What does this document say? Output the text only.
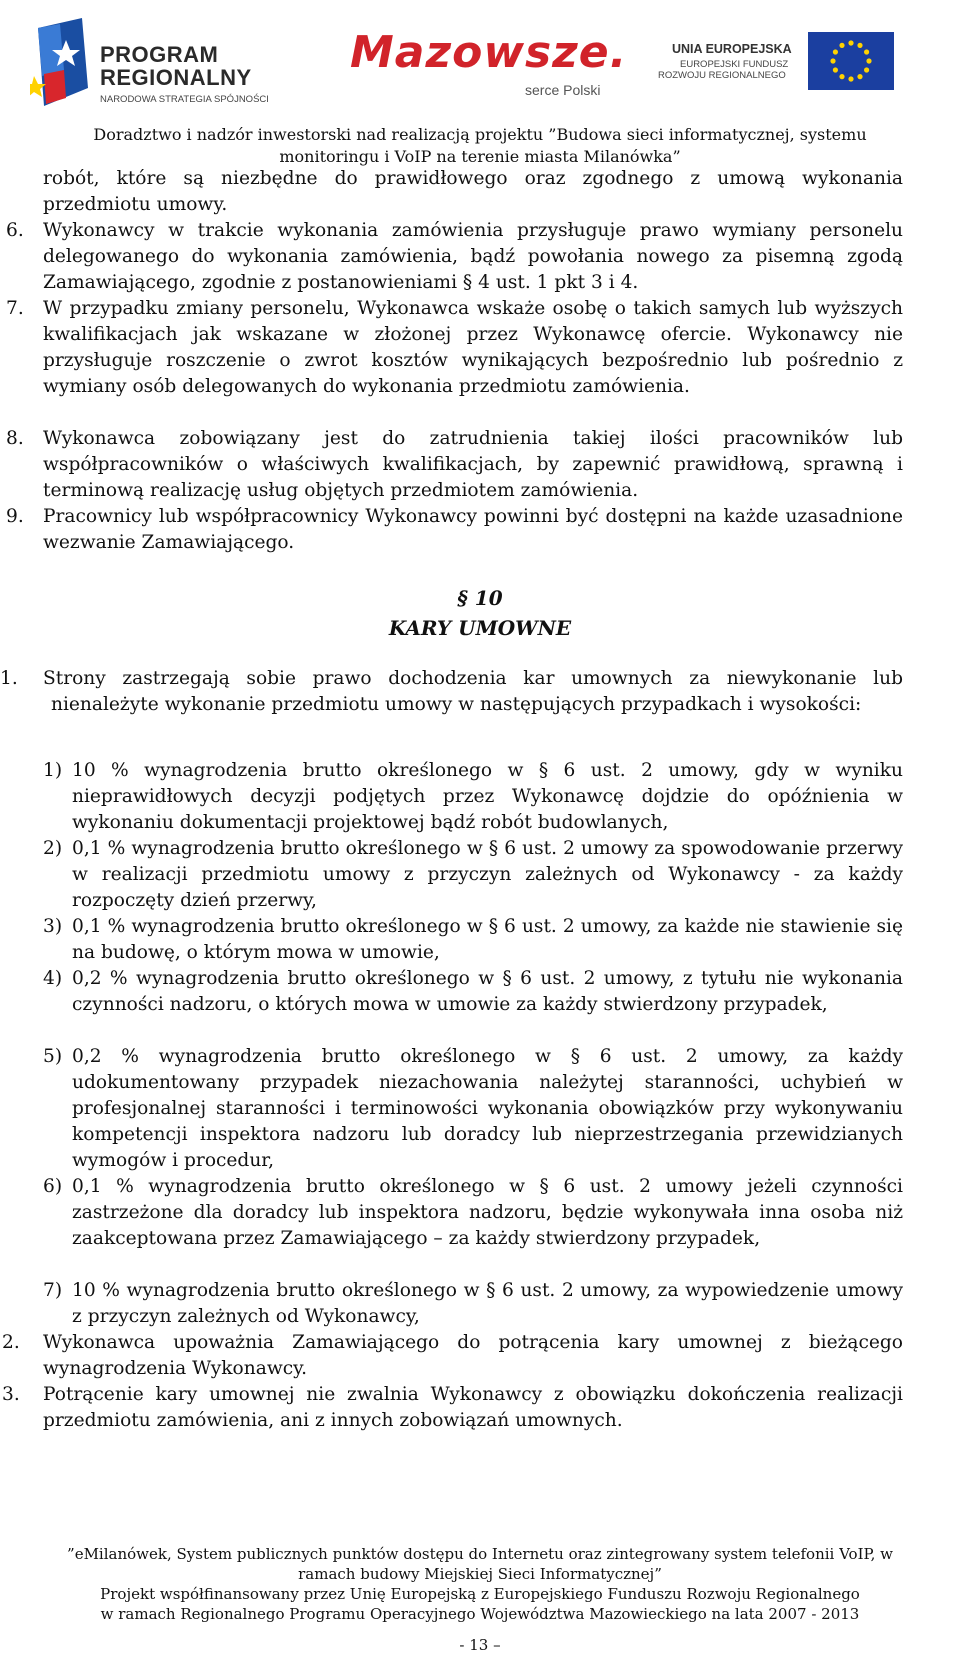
PROGRAM
REGIONALNY
NARODOWA STRATEGIA SPÓJNOŚCI
Mazowsze.
serce Polski
UNIA EUROPEJSKA
EUROPEJSKI FUNDUSZ
ROZWOJU REGIONALNEGO
Doradztwo i nadzór inwestorski nad realizacją projektu ”Budowa sieci informatycznej, systemu
monitoringu i VoIP na terenie miasta Milanówka”
robót, które są niezbędne do prawidłowego oraz zgodnego z umową wykonania przedmiotu umowy.
6. Wykonawcy w trakcie wykonania zamówienia przysługuje prawo wymiany personelu delegowanego do wykonania zamówienia, bądź powołania nowego za pisemną zgodą Zamawiającego, zgodnie z postanowieniami § 4 ust. 1 pkt 3 i 4.
7. W przypadku zmiany personelu, Wykonawca wskaże osobę o takich samych lub wyższych kwalifikacjach jak wskazane w złożonej przez Wykonawcę ofercie. Wykonawcy nie przysługuje roszczenie o zwrot kosztów wynikających bezpośrednio lub pośrednio z wymiany osób delegowanych do wykonania przedmiotu zamówienia.
8. Wykonawca zobowiązany jest do zatrudnienia takiej ilości pracowników lub współpracowników o właściwych kwalifikacjach, by zapewnić prawidłową, sprawną i terminową realizację usług objętych przedmiotem zamówienia.
9. Pracownicy lub współpracownicy Wykonawcy powinni być dostępni na każde uzasadnione wezwanie Zamawiającego.
§ 10
KARY UMOWNE
1. Strony zastrzegają sobie prawo dochodzenia kar umownych za niewykonanie lub nienależyte wykonanie przedmiotu umowy w następujących przypadkach i wysokości:
1) 10 % wynagrodzenia brutto określonego w § 6 ust. 2 umowy, gdy w wyniku nieprawidłowych decyzji podjętych przez Wykonawcę dojdzie do opóźnienia w wykonaniu dokumentacji projektowej bądź robót budowlanych,
2) 0,1 % wynagrodzenia brutto określonego w § 6 ust. 2 umowy za spowodowanie przerwy w realizacji przedmiotu umowy z przyczyn zależnych od Wykonawcy - za każdy rozpoczęty dzień przerwy,
3) 0,1 % wynagrodzenia brutto określonego w § 6 ust. 2 umowy, za każde nie stawienie się na budowę, o którym mowa w umowie,
4) 0,2 % wynagrodzenia brutto określonego w § 6 ust. 2 umowy, z tytułu nie wykonania czynności nadzoru, o których mowa w umowie za każdy stwierdzony przypadek,
5) 0,2 % wynagrodzenia brutto określonego w § 6 ust. 2 umowy, za każdy udokumentowany przypadek niezachowania należytej staranności, uchybień w profesjonalnej staranności i terminowości wykonania obowiązków przy wykonywaniu kompetencji inspektora nadzoru lub doradcy lub nieprzestrzegania przewidzianych wymogów i procedur,
6) 0,1 % wynagrodzenia brutto określonego w § 6 ust. 2 umowy jeżeli czynności zastrzeżone dla doradcy lub inspektora nadzoru, będzie wykonywała inna osoba niż zaakceptowana przez Zamawiającego – za każdy stwierdzony przypadek,
7) 10 % wynagrodzenia brutto określonego w § 6 ust. 2 umowy, za wypowiedzenie umowy z przyczyn zależnych od Wykonawcy,
2. Wykonawca upoważnia Zamawiającego do potrącenia kary umownej z bieżącego wynagrodzenia Wykonawcy.
3. Potrącenie kary umownej nie zwalnia Wykonawcy z obowiązku dokończenia realizacji przedmiotu zamówienia, ani z innych zobowiązań umownych.
”eMilanówek, System publicznych punktów dostępu do Internetu oraz zintegrowany system telefonii VoIP, w
ramach budowy Miejskiej Sieci Informatycznej”
Projekt współfinansowany przez Unię Europejską z Europejskiego Funduszu Rozwoju Regionalnego
w ramach Regionalnego Programu Operacyjnego Województwa Mazowieckiego na lata 2007 - 2013
- 13 –
